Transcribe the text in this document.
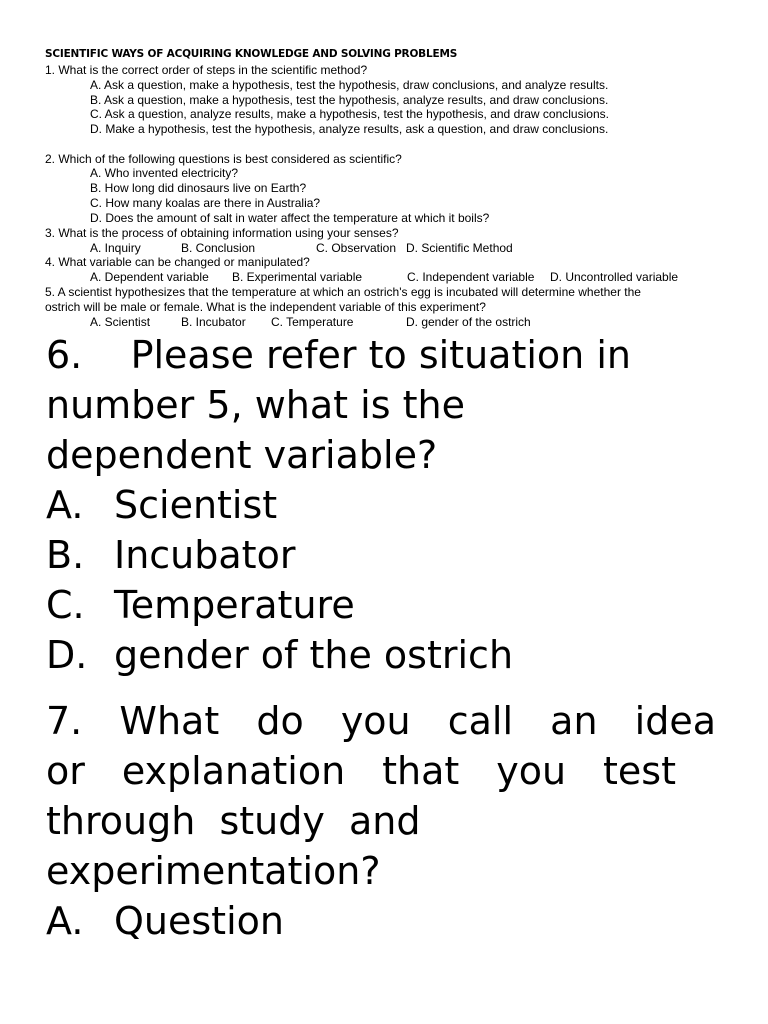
SCIENTIFIC WAYS OF ACQUIRING KNOWLEDGE AND SOLVING PROBLEMS
1. What is the correct order of steps in the scientific method?
A. Ask a question, make a hypothesis, test the hypothesis, draw conclusions, and analyze results.
B. Ask a question, make a hypothesis, test the hypothesis, analyze results, and draw conclusions.
C. Ask a question, analyze results, make a hypothesis, test the hypothesis, and draw conclusions.
D. Make a hypothesis, test the hypothesis, analyze results, ask a question, and draw conclusions.
2. Which of the following questions is best considered as scientific?
A. Who invented electricity?
B. How long did dinosaurs live on Earth?
C. How many koalas are there in Australia?
D. Does the amount of salt in water affect the temperature at which it boils?
3. What is the process of obtaining information using your senses?
A. Inquiry	B. Conclusion	C. Observation D. Scientific Method
4. What variable can be changed or manipulated?
A. Dependent variable B. Experimental variable	C. Independent variable D. Uncontrolled variable
5. A scientist hypothesizes that the temperature at which an ostrich's egg is incubated will determine whether the
ostrich will be male or female. What is the independent variable of this experiment?
A. Scientist	B. Incubator C. Temperature	D. gender of the ostrich
6.    Please refer to situation in
number 5, what is the
dependent variable?
A. Scientist
B. Incubator
C. Temperature
D. gender of the ostrich
7. What do you call an idea
or explanation that you test
through  study  and
experimentation?
A. Question
